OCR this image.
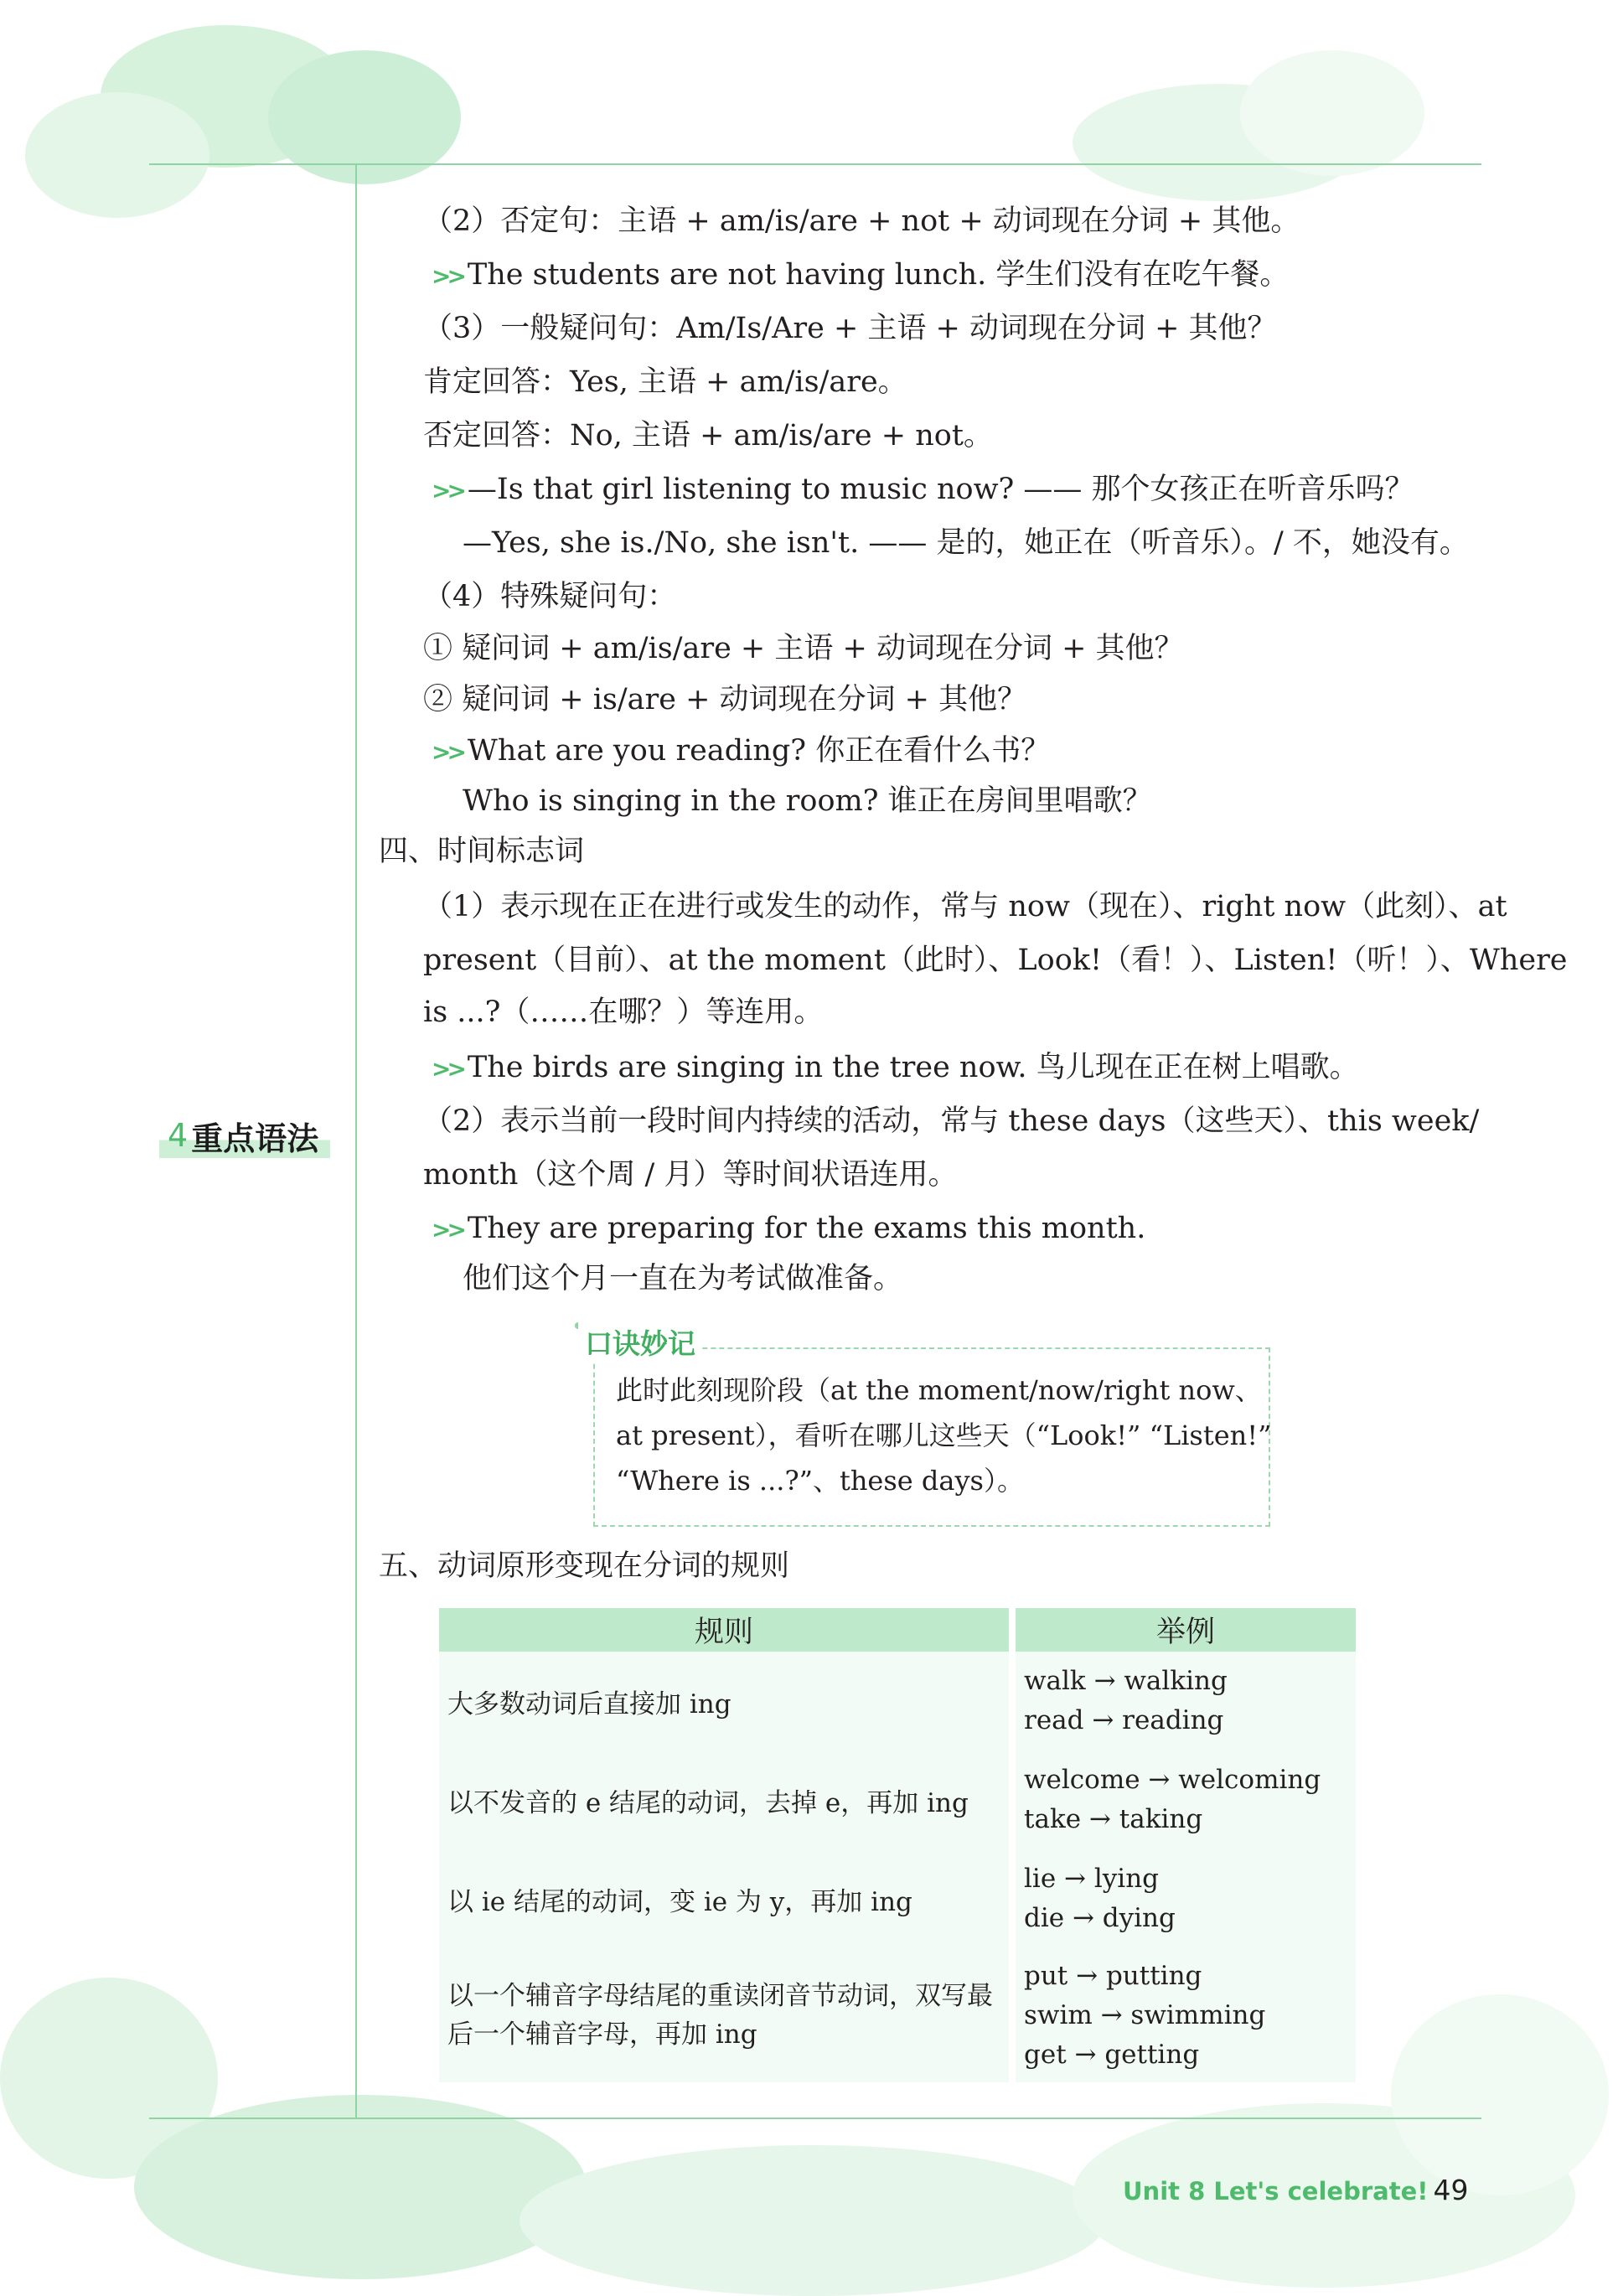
4 重点语法
（2）否定句：主语 + am/is/are + not + 动词现在分词 + 其他。
>> The students are not having lunch. 学生们没有在吃午餐。
（3）一般疑问句：Am/Is/Are + 主语 + 动词现在分词 + 其他？
肯定回答：Yes, 主语 + am/is/are。
否定回答：No, 主语 + am/is/are + not。
>> —Is that girl listening to music now? —— 那个女孩正在听音乐吗？
—Yes, she is./No, she isn't. —— 是的，她正在（听音乐）。/ 不，她没有。
（4）特殊疑问句：
① 疑问词 + am/is/are + 主语 + 动词现在分词 + 其他？
② 疑问词 + is/are + 动词现在分词 + 其他？
>> What are you reading? 你正在看什么书？
Who is singing in the room? 谁正在房间里唱歌？
四、时间标志词
（1）表示现在正在进行或发生的动作，常与 now（现在）、right now（此刻）、at
present（目前）、at the moment（此时）、Look!（看！）、Listen!（听！）、Where
is ...?（……在哪？）等连用。
>> The birds are singing in the tree now. 鸟儿现在正在树上唱歌。
（2）表示当前一段时间内持续的活动，常与 these days（这些天）、this week/
month（这个周 / 月）等时间状语连用。
>> They are preparing for the exams this month.
他们这个月一直在为考试做准备。
口诀妙记
此时此刻现阶段（at the moment/now/right now、
at present），看听在哪儿这些天（“Look!” “Listen!”
“Where is ...?”、these days）。
五、动词原形变现在分词的规则
规则	举例
大多数动词后直接加 ing	walk → walking
read → reading

以不发音的 e 结尾的动词，去掉 e，再加 ing	welcome → welcoming
take → taking

以 ie 结尾的动词，变 ie 为 y，再加 ing	lie → lying
die → dying

以一个辅音字母结尾的重读闭音节动词，双写最后一个辅音字母，再加 ing	put → putting
swim → swimming
get → getting
Unit 8 Let's celebrate! 49
